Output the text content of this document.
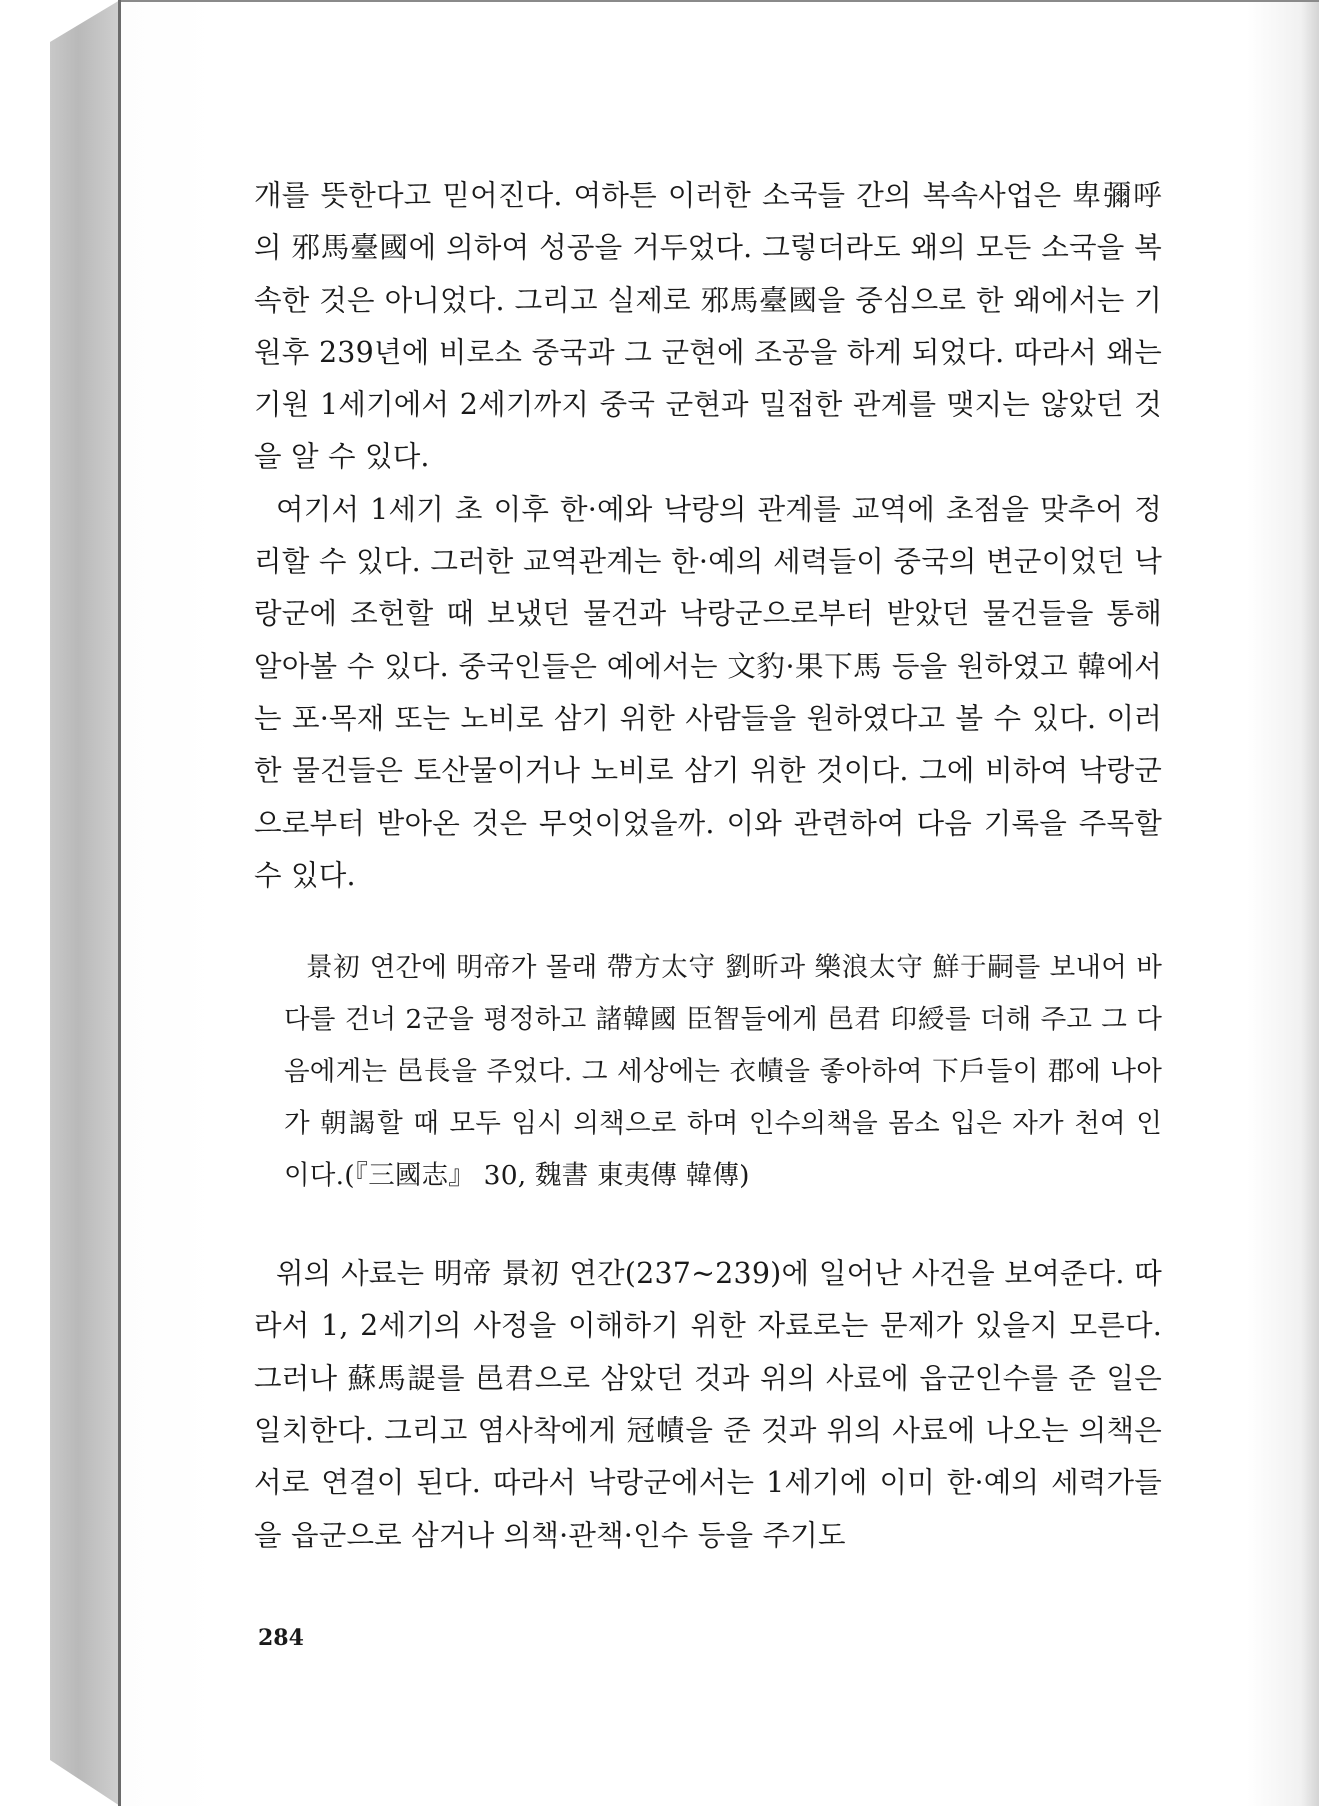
개를 뜻한다고 믿어진다. 여하튼 이러한 소국들 간의 복속사업은 卑彌呼의 邪馬臺國에 의하여 성공을 거두었다. 그렇더라도 왜의 모든 소국을 복속한 것은 아니었다. 그리고 실제로 邪馬臺國을 중심으로 한 왜에서는 기원후 239년에 비로소 중국과 그 군현에 조공을 하게 되었다. 따라서 왜는 기원 1세기에서 2세기까지 중국 군현과 밀접한 관계를 맺지는 않았던 것을 알 수 있다.

여기서 1세기 초 이후 한·예와 낙랑의 관계를 교역에 초점을 맞추어 정리할 수 있다. 그러한 교역관계는 한·예의 세력들이 중국의 변군이었던 낙랑군에 조헌할 때 보냈던 물건과 낙랑군으로부터 받았던 물건들을 통해 알아볼 수 있다. 중국인들은 예에서는 文豹·果下馬 등을 원하였고 韓에서는 포·목재 또는 노비로 삼기 위한 사람들을 원하였다고 볼 수 있다. 이러한 물건들은 토산물이거나 노비로 삼기 위한 것이다. 그에 비하여 낙랑군으로부터 받아온 것은 무엇이었을까. 이와 관련하여 다음 기록을 주목할 수 있다.

景初 연간에 明帝가 몰래 帶方太守 劉昕과 樂浪太守 鮮于嗣를 보내어 바다를 건너 2군을 평정하고 諸韓國 臣智들에게 邑君 印綬를 더해 주고 그 다음에게는 邑長을 주었다. 그 세상에는 衣幘을 좋아하여 下戶들이 郡에 나아가 朝謁할 때 모두 임시 의책으로 하며 인수의책을 몸소 입은 자가 천여 인이다.(『三國志』 30, 魏書 東夷傳 韓傳)

위의 사료는 明帝 景初 연간(237~239)에 일어난 사건을 보여준다. 따라서 1, 2세기의 사정을 이해하기 위한 자료로는 문제가 있을지 모른다. 그러나 蘇馬諟를 邑君으로 삼았던 것과 위의 사료에 읍군인수를 준 일은 일치한다. 그리고 염사착에게 冠幘을 준 것과 위의 사료에 나오는 의책은 서로 연결이 된다. 따라서 낙랑군에서는 1세기에 이미 한·예의 세력가들을 읍군으로 삼거나 의책·관책·인수 등을 주기도

284
